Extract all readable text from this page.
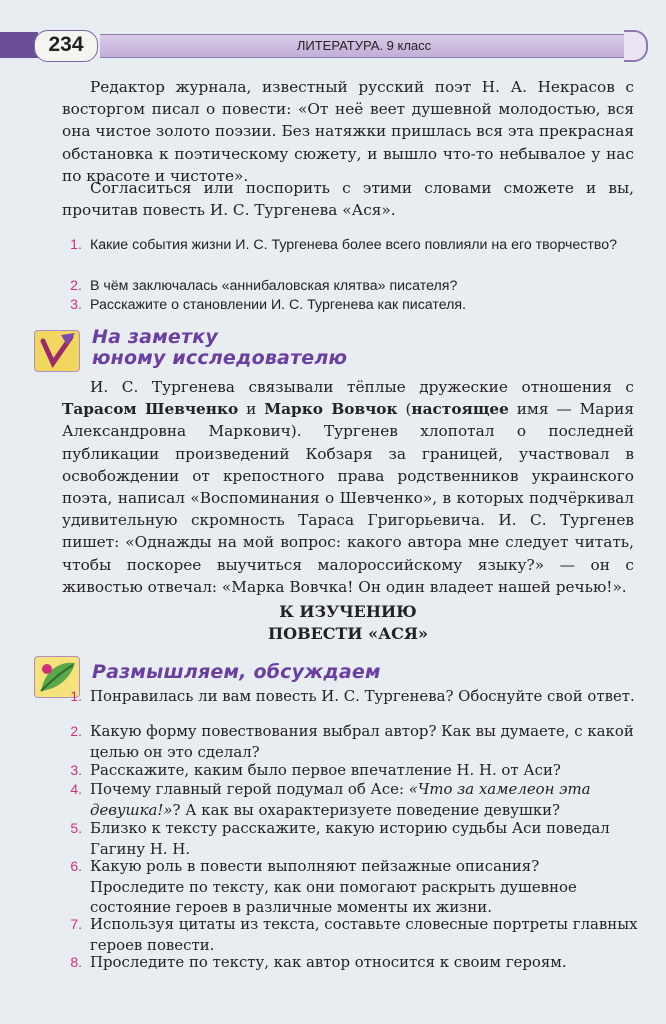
234	ЛИТЕРАТУРА. 9 класс
Редактор журнала, известный русский поэт Н. А. Некрасов с восторгом писал о повести: «От неё веет душевной молодостью, вся она чистое золото поэзии. Без натяжки пришлась вся эта прекрасная обстановка к поэтическому сюжету, и вышло что-то небывалое у нас по красоте и чистоте».
Согласиться или поспорить с этими словами сможете и вы, прочитав повесть И. С. Тургенева «Ася».
1. Какие события жизни И. С. Тургенева более всего повлияли на его творчество?
2. В чём заключалась «аннибаловская клятва» писателя?
3. Расскажите о становлении И. С. Тургенева как писателя.
На заметку
юному исследователю
И. С. Тургенева связывали тёплые дружеские отношения с Тарасом Шевченко и Марко Вовчок (настоящее имя — Мария Александровна Маркович). Тургенев хлопотал о последней публикации произведений Кобзаря за границей, участвовал в освобождении от крепостного права родственников украинского поэта, написал «Воспоминания о Шевченко», в которых подчёркивал удивительную скромность Тараса Григорьевича. И. С. Тургенев пишет: «Однажды на мой вопрос: какого автора мне следует читать, чтобы поскорее выучиться малороссийскому языку?» — он с живостью отвечал: «Марка Вовчка! Он один владеет нашей речью!».
К ИЗУЧЕНИЮ
ПОВЕСТИ «АСЯ»
Размышляем, обсуждаем
1. Понравилась ли вам повесть И. С. Тургенева? Обоснуйте свой ответ.
2. Какую форму повествования выбрал автор? Как вы думаете, с какой целью он это сделал?
3. Расскажите, каким было первое впечатление Н. Н. от Аси?
4. Почему главный герой подумал об Асе: «Что за хамелеон эта девушка!»? А как вы охарактеризуете поведение девушки?
5. Близко к тексту расскажите, какую историю судьбы Аси поведал Гагину Н. Н.
6. Какую роль в повести выполняют пейзажные описания? Проследите по тексту, как они помогают раскрыть душевное состояние героев в различные моменты их жизни.
7. Используя цитаты из текста, составьте словесные портреты главных героев повести.
8. Проследите по тексту, как автор относится к своим героям.
